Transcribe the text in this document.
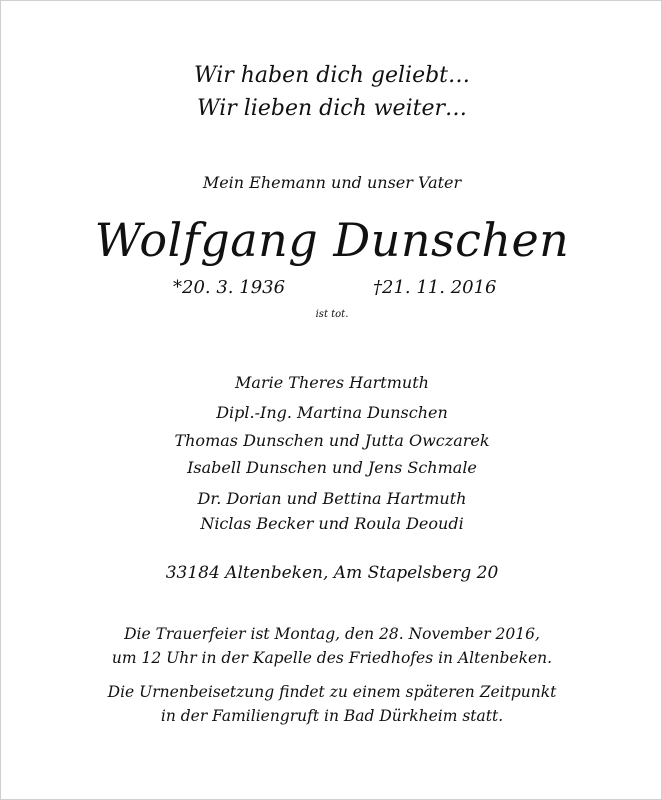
Wir haben dich geliebt…
Wir lieben dich weiter…
Mein Ehemann und unser Vater
Wolfgang Dunschen
*20. 3. 1936	†21. 11. 2016
ist tot.
Marie Theres Hartmuth
Dipl.-Ing. Martina Dunschen
Thomas Dunschen und Jutta Owczarek
Isabell Dunschen und Jens Schmale
Dr. Dorian und Bettina Hartmuth
Niclas Becker und Roula Deoudi
33184 Altenbeken, Am Stapelsberg 20
Die Trauerfeier ist Montag, den 28. November 2016,
um 12 Uhr in der Kapelle des Friedhofes in Altenbeken.
Die Urnenbeisetzung findet zu einem späteren Zeitpunkt
in der Familiengruft in Bad Dürkheim statt.
